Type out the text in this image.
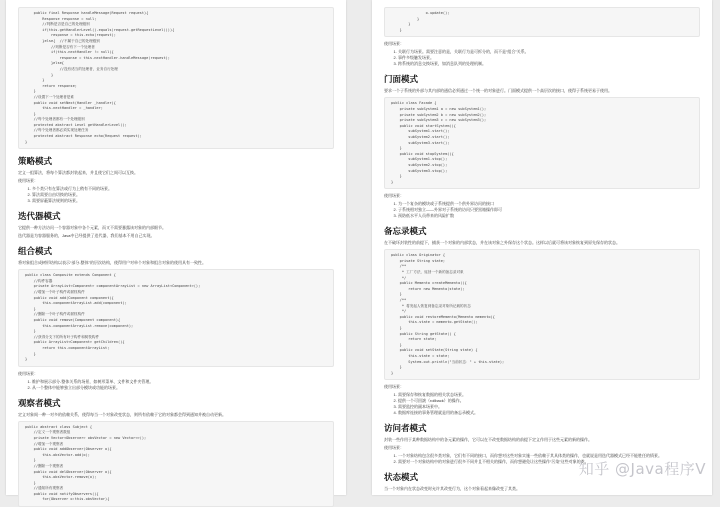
public final Response handleMessage(Request request){
Response response = null;
//判断是否是自己的处理级别
if(this.getHandlerLevel().equals(request.getRequestLevel())){
response = this.echo(request);
}else{  //不属于自己的处理级别
//判断是否有下一个处理者
if(this.nextHandler != null){
response = this.nextHandler.handleMessage(request);
}else{
//没有适当的处理者，业务自行处理
}
}
return response;
}
//设置下一个处理者是谁
public void setNext(Handler _handler){
this.nextHandler = _handler;
}
//每个处理者都有一个处理级别
protected abstract Level getHandlerLevel();
//每个处理者都必须实现处理任务
protected abstract Response echo(Request request);
}
策略模式

定义一组算法，将每个算法都封装起来，并且使它们之间可以互换。

使用场景：

1. 多个类只有在算法或行为上稍有不同的场景。
2. 算法需要自由切换的场景。
3. 需要屏蔽算法规则的场景。
迭代器模式

它提供一种方法访问一个容器对象中各个元素，而又不需要暴露该对象的内部细节。

迭代器是为容器服务的，Java中已经提供了迭代器，我们基本不用自己实现。

组合模式

将对象组合成树形结构以表示“部分-整体”的层次结构，使得用户对单个对象和组合对象的使用具有一致性。

public class Composite extends Component {
//构件容器
private ArrayList<Component> componentArrayList = new ArrayList<Component>();
//增加一个叶子构件或树枝构件
public void add(Component component){
this.componentArrayList.add(component);
}
//删除一个叶子构件或树枝构件
public void remove(Component component){
this.componentArrayList.remove(component);
}
//获得分支下的所有叶子构件和树枝构件
public ArrayList<Component> getChildren(){
return this.componentArrayList;
}
}

使用场景：

1. 维护和展示部分-整体关系的场景，如树形菜单、文件和文件夹管理。
2. 从一个整体中能够独立出部分模块或功能的场景。
观察者模式

定义对象间一种一对多的依赖关系，使得每当一个对象改变状态，则所有依赖于它的对象都会得到通知并被自动更新。

public abstract class Subject {
//定义一个观察者数组
private Vector<Observer> obsVector = new Vector<>();
//增加一个观察者
public void addObserver(Observer o){
this.obsVector.add(o);
}
//删除一个观察者
public void delObserver(Observer o){
this.obsVector.remove(o);
}
//通知所有观察者
public void notifyObservers(){
for(Observer o:this.obsVector){
o.update();
}
}
}

使用场景：

1. 关联行为场景。需要注意的是，关联行为是可拆分的，而不是“组合”关系。
2. 事件多级触发场景。
3. 跨系统的消息交换场景，如消息队列的处理机制。
门面模式

要求一个子系统的外部与其内部的通信必须通过一个统一的对象进行。门面模式提供一个高层次的接口，使得子系统更易于使用。

public class Facade {
private subSystem1 a = new subSystem1();
private subSystem2 b = new subSystem2();
private subSystem3 c = new subSystem3();
public void startSystem(){
subSystem1.start();
subSystem2.start();
subSystem3.start();
}
public void stopSystem(){
subSystem1.stop();
subSystem2.stop();
subSystem3.stop();
}
}

使用场景：

1. 为一个复杂的模块或子系统提供一个供外界访问的接口
2. 子系统相对独立——外界对子系统的访问只要黑箱操作即可
3. 预防低水平人员带来的风险扩散
备忘录模式

在不破坏封装性的前提下，捕获一个对象的内部状态，并在该对象之外保存这个状态。这样以后就可将该对象恢复到原先保存的状态。

public class Originator {
private String state;
/**
* 工厂方法，返回一个新的备忘录对象
*/
public Memento createMemento(){
return new Memento(state);
}
/**
* 将发起人恢复到备忘录对象所记载的状态
*/
public void restoreMemento(Memento memento){
this.state = memento.getState();
}
public String getState() {
return state;
}
public void setState(String state) {
this.state = state;
System.out.println("当前状态：" + this.state);
}
}

使用场景：

1. 需要保存和恢复数据的相关状态场景。
2. 提供一个可回滚（rollback）的操作。
3. 需要监控的副本场景中。
4. 数据库连接的事务管理就是用的备忘录模式。
访问者模式

封装一些作用于某种数据结构中的各元素的操作，它可以在不改变数据结构的前提下定义作用于这些元素的新的操作。

使用场景：

1. 一个对象结构包含很多类对象，它们有不同的接口，而你想对这些对象实施一些依赖于其具体类的操作，也就说是用迭代器模式已经不能胜任的情景。
2. 需要对一个对象结构中的对象进行很多不同并且不相关的操作，而你想避免让这些操作“污染”这些对象的类。
状态模式

当一个对象内在状态改变时允许其改变行为，这个对象看起来像改变了其类。

知乎 @Java程序V
